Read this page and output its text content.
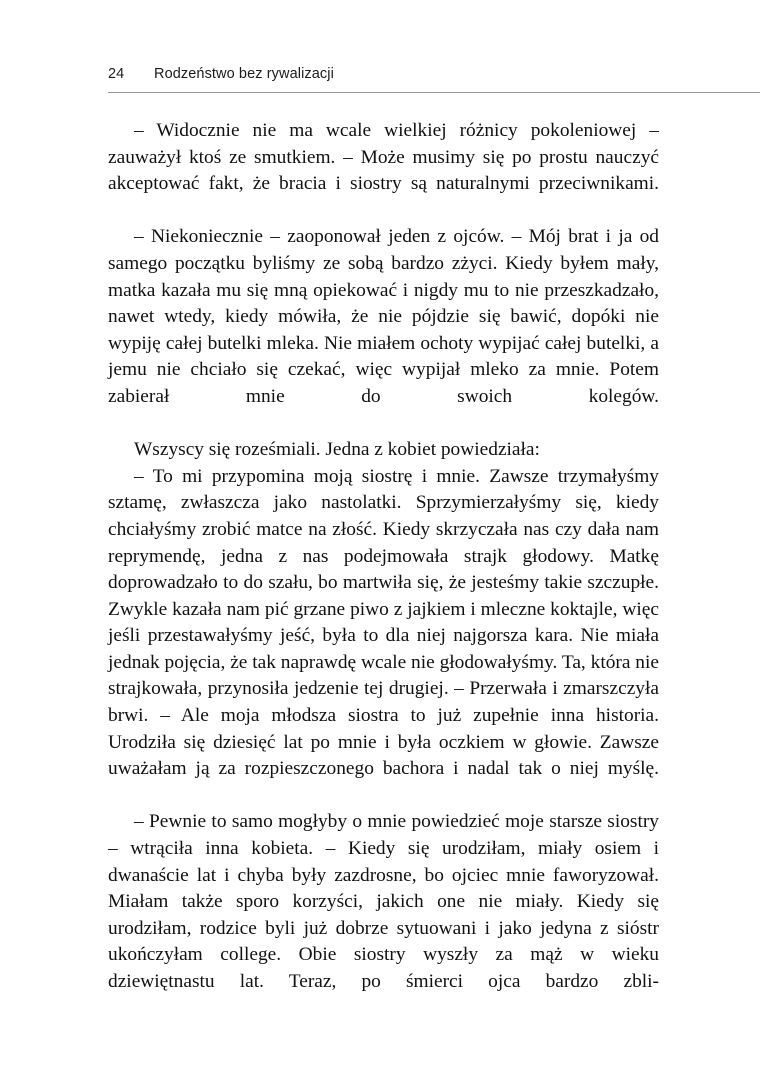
24	Rodzeństwo bez rywalizacji

– Widocznie nie ma wcale wielkiej różnicy pokoleniowej – zauważył ktoś ze smutkiem. – Może musimy się po prostu nauczyć akceptować fakt, że bracia i siostry są naturalnymi przeciwnikami.

– Niekoniecznie – zaoponował jeden z ojców. – Mój brat i ja od samego początku byliśmy ze sobą bardzo zżyci. Kiedy byłem mały, matka kazała mu się mną opiekować i nigdy mu to nie przeszkadzało, nawet wtedy, kiedy mówiła, że nie pójdzie się bawić, dopóki nie wypiję całej butelki mleka. Nie miałem ochoty wypijać całej butelki, a jemu nie chciało się czekać, więc wypijał mleko za mnie. Potem zabierał mnie do swoich kolegów.

Wszyscy się roześmiali. Jedna z kobiet powiedziała:

– To mi przypomina moją siostrę i mnie. Zawsze trzymałyśmy sztamę, zwłaszcza jako nastolatki. Sprzymierzałyśmy się, kiedy chciałyśmy zrobić matce na złość. Kiedy skrzyczała nas czy dała nam reprymendę, jedna z nas podejmowała strajk głodowy. Matkę doprowadzało to do szału, bo martwiła się, że jesteśmy takie szczupłe. Zwykle kazała nam pić grzane piwo z jajkiem i mleczne koktajle, więc jeśli przestawałyśmy jeść, była to dla niej najgorsza kara. Nie miała jednak pojęcia, że tak naprawdę wcale nie głodowałyśmy. Ta, która nie strajkowała, przynosiła jedzenie tej drugiej. – Przerwała i zmarszczyła brwi. – Ale moja młodsza siostra to już zupełnie inna historia. Urodziła się dziesięć lat po mnie i była oczkiem w głowie. Zawsze uważałam ją za rozpieszczonego bachora i nadal tak o niej myślę.

– Pewnie to samo mogłyby o mnie powiedzieć moje starsze siostry – wtrąciła inna kobieta. – Kiedy się urodziłam, miały osiem i dwanaście lat i chyba były zazdrosne, bo ojciec mnie faworyzował. Miałam także sporo korzyści, jakich one nie miały. Kiedy się urodziłam, rodzice byli już dobrze sytuowani i jako jedyna z sióstr ukończyłam college. Obie siostry wyszły za mąż w wieku dziewiętnastu lat. Teraz, po śmierci ojca bardzo zbli-
